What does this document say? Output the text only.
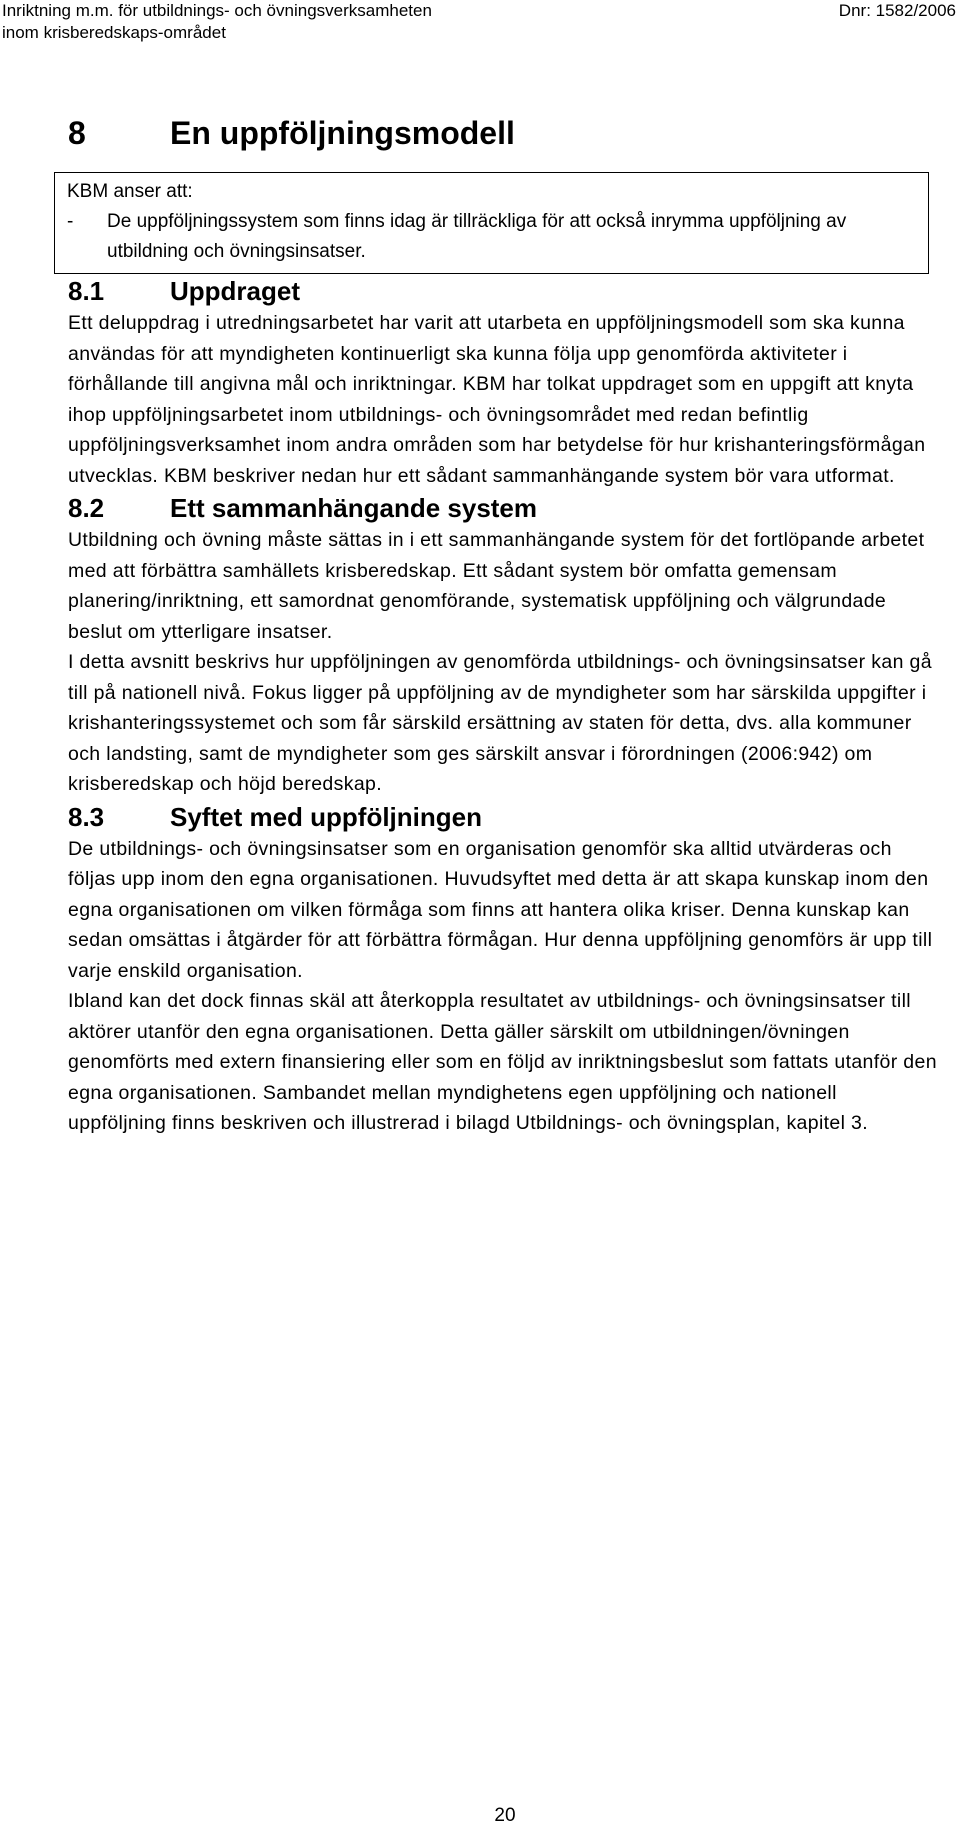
Inriktning m.m. för utbildnings- och övningsverksamheten	Dnr: 1582/2006
inom krisberedskaps-området
8	En uppföljningsmodell
KBM anser att:
-	De uppföljningssystem som finns idag är tillräckliga för att också inrymma uppföljning av utbildning och övningsinsatser.
8.1	Uppdraget

Ett deluppdrag i utredningsarbetet har varit att utarbeta en uppföljningsmodell som ska kunna användas för att myndigheten kontinuerligt ska kunna följa upp genomförda aktiviteter i förhållande till angivna mål och inriktningar. KBM har tolkat uppdraget som en uppgift att knyta ihop uppföljningsarbetet inom utbildnings- och övningsområdet med redan befintlig uppföljningsverksamhet inom andra områden som har betydelse för hur krishanteringsförmågan utvecklas. KBM beskriver nedan hur ett sådant sammanhängande system bör vara utformat.

8.2	Ett sammanhängande system

Utbildning och övning måste sättas in i ett sammanhängande system för det fortlöpande arbetet med att förbättra samhällets krisberedskap. Ett sådant system bör omfatta gemensam planering/inriktning, ett samordnat genomförande, systematisk uppföljning och välgrundade beslut om ytterligare insatser.

I detta avsnitt beskrivs hur uppföljningen av genomförda utbildnings- och övningsinsatser kan gå till på nationell nivå. Fokus ligger på uppföljning av de myndigheter som har särskilda uppgifter i krishanteringssystemet och som får särskild ersättning av staten för detta, dvs. alla kommuner och landsting, samt de myndigheter som ges särskilt ansvar i förordningen (2006:942) om krisberedskap och höjd beredskap.

8.3	Syftet med uppföljningen

De utbildnings- och övningsinsatser som en organisation genomför ska alltid utvärderas och följas upp inom den egna organisationen. Huvudsyftet med detta är att skapa kunskap inom den egna organisationen om vilken förmåga som finns att hantera olika kriser. Denna kunskap kan sedan omsättas i åtgärder för att förbättra förmågan. Hur denna uppföljning genomförs är upp till varje enskild organisation.

Ibland kan det dock finnas skäl att återkoppla resultatet av utbildnings- och övningsinsatser till aktörer utanför den egna organisationen. Detta gäller särskilt om utbildningen/övningen genomförts med extern finansiering eller som en följd av inriktningsbeslut som fattats utanför den egna organisationen. Sambandet mellan myndighetens egen uppföljning och nationell uppföljning finns beskriven och illustrerad i bilagd Utbildnings- och övningsplan, kapitel 3.

20
